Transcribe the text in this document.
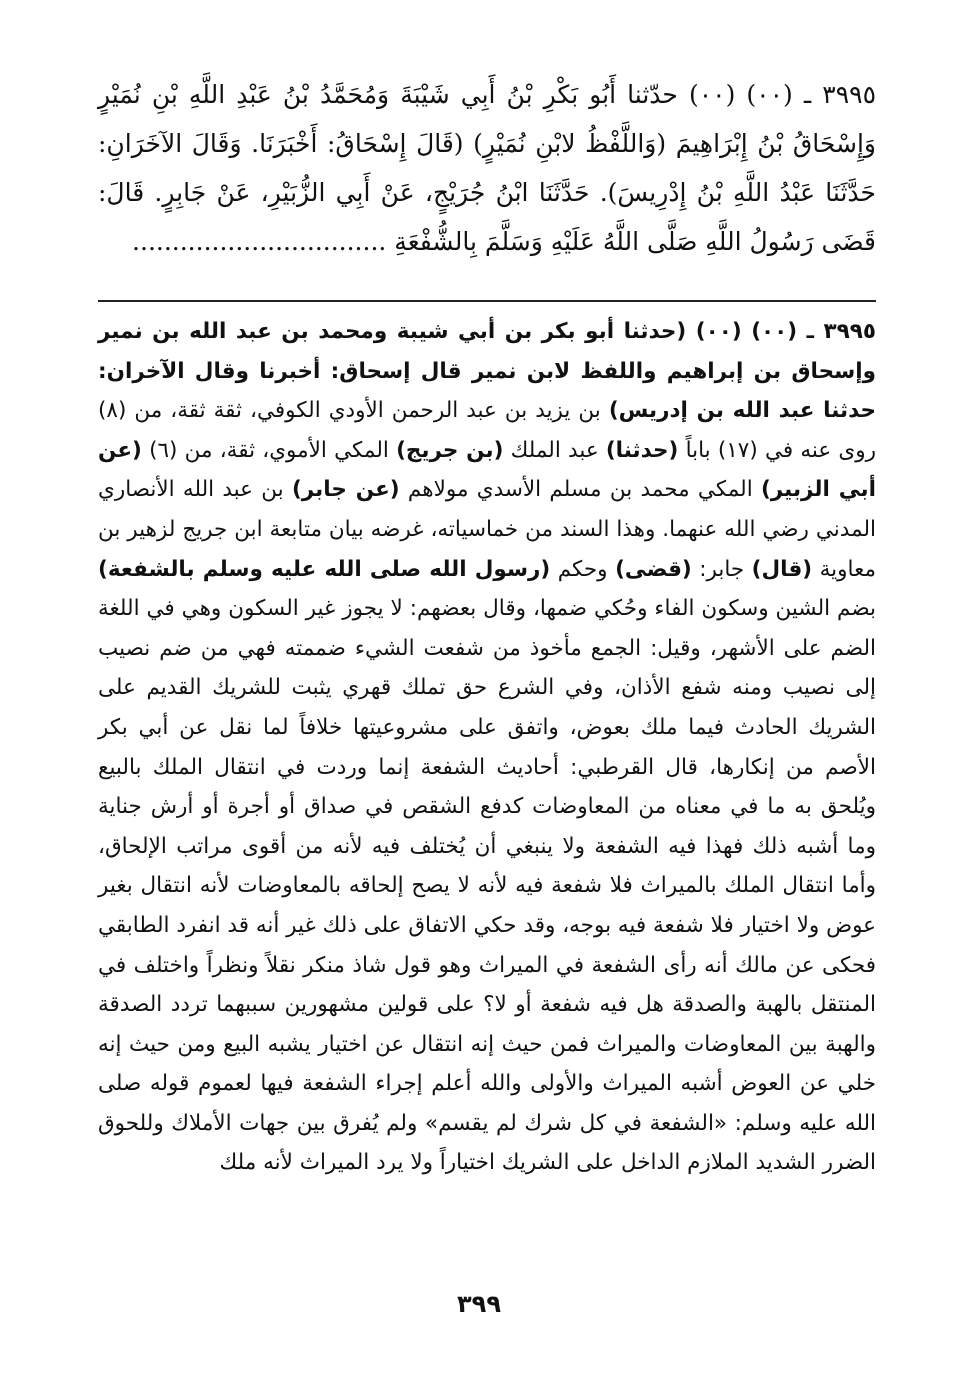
٣٩٩٥ ـ (٠٠) (٠٠) حدّثنا أَبُو بَكْرِ بْنُ أَبِي شَيْبَةَ وَمُحَمَّدُ بْنُ عَبْدِ اللَّهِ بْنِ نُمَيْرٍ وَإِسْحَاقُ بْنُ إِبْرَاهِيمَ (وَاللَّفْظُ لابْنِ نُمَيْرٍ) (قَالَ إِسْحَاقُ: أَخْبَرَنَا. وَقَالَ الآخَرَانِ: حَدَّثَنَا عَبْدُ اللَّهِ بْنُ إِدْرِيسَ). حَدَّثَنَا ابْنُ جُرَيْجٍ، عَنْ أَبِي الزُّبَيْرِ، عَنْ جَابِرٍ. قَالَ: قَضَى رَسُولُ اللَّهِ صَلَّى اللَّهُ عَلَيْهِ وَسَلَّمَ بِالشُّفْعَةِ ................................

٣٩٩٥ ـ (٠٠) (٠٠) (حدثنا أبو بكر بن أبي شيبة ومحمد بن عبد الله بن نمير وإسحاق بن إبراهيم واللفظ لابن نمير قال إسحاق: أخبرنا وقال الآخران: حدثنا عبد الله بن إدريس) بن يزيد بن عبد الرحمن الأودي الكوفي، ثقة ثقة، من (٨) روى عنه في (١٧) باباً (حدثنا) عبد الملك (بن جريج) المكي الأموي، ثقة، من (٦) (عن أبي الزبير) المكي محمد بن مسلم الأسدي مولاهم (عن جابر) بن عبد الله الأنصاري المدني رضي الله عنهما. وهذا السند من خماسياته، غرضه بيان متابعة ابن جريج لزهير بن معاوية (قال) جابر: (قضى) وحكم (رسول الله صلى الله عليه وسلم بالشفعة) بضم الشين وسكون الفاء وحُكي ضمها، وقال بعضهم: لا يجوز غير السكون وهي في اللغة الضم على الأشهر، وقيل: الجمع مأخوذ من شفعت الشيء ضممته فهي من ضم نصيب إلى نصيب ومنه شفع الأذان، وفي الشرع حق تملك قهري يثبت للشريك القديم على الشريك الحادث فيما ملك بعوض، واتفق على مشروعيتها خلافاً لما نقل عن أبي بكر الأصم من إنكارها، قال القرطبي: أحاديث الشفعة إنما وردت في انتقال الملك بالبيع ويُلحق به ما في معناه من المعاوضات كدفع الشقص في صداق أو أجرة أو أرش جناية وما أشبه ذلك فهذا فيه الشفعة ولا ينبغي أن يُختلف فيه لأنه من أقوى مراتب الإلحاق، وأما انتقال الملك بالميراث فلا شفعة فيه لأنه لا يصح إلحاقه بالمعاوضات لأنه انتقال بغير عوض ولا اختيار فلا شفعة فيه بوجه، وقد حكي الاتفاق على ذلك غير أنه قد انفرد الطابقي فحكى عن مالك أنه رأى الشفعة في الميراث وهو قول شاذ منكر نقلاً ونظراً واختلف في المنتقل بالهبة والصدقة هل فيه شفعة أو لا؟ على قولين مشهورين سببهما تردد الصدقة والهبة بين المعاوضات والميراث فمن حيث إنه انتقال عن اختيار يشبه البيع ومن حيث إنه خلي عن العوض أشبه الميراث والأولى والله أعلم إجراء الشفعة فيها لعموم قوله صلى الله عليه وسلم: «الشفعة في كل شرك لم يقسم» ولم يُفرق بين جهات الأملاك وللحوق الضرر الشديد الملازم الداخل على الشريك اختياراً ولا يرد الميراث لأنه ملك

٣٩٩
